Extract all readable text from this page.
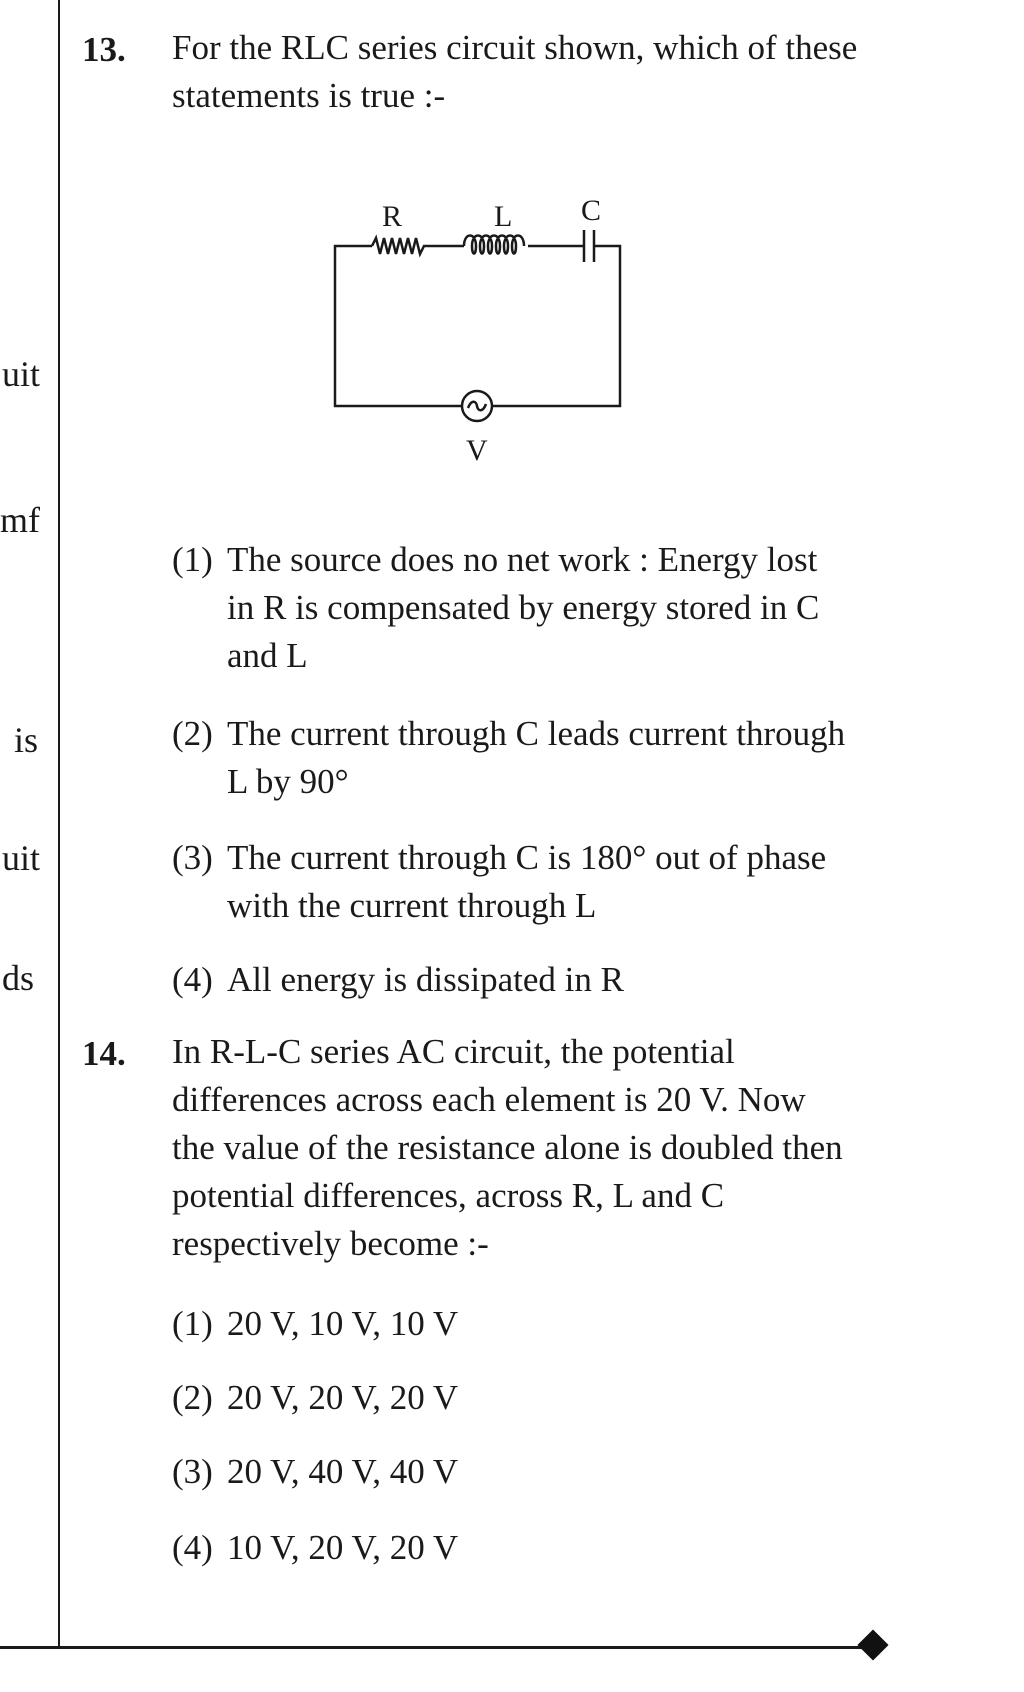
uit
mf
is
uit
ds
13. For the RLC series circuit shown, which of these
statements is true :-
R	L C
V
(1) The source does no net work : Energy lost
in R is compensated by energy stored in C
and L
(2) The current through C leads current through
L by 90°
(3) The current through C is 180° out of phase
with the current through L
(4) All energy is dissipated in R
14. In R-L-C series AC circuit, the potential
differences across each element is 20 V. Now
the value of the resistance alone is doubled then
potential differences, across R, L and C
respectively become :-
(1) 20 V, 10 V, 10 V
(2) 20 V, 20 V, 20 V
(3) 20 V, 40 V, 40 V
(4) 10 V, 20 V, 20 V
